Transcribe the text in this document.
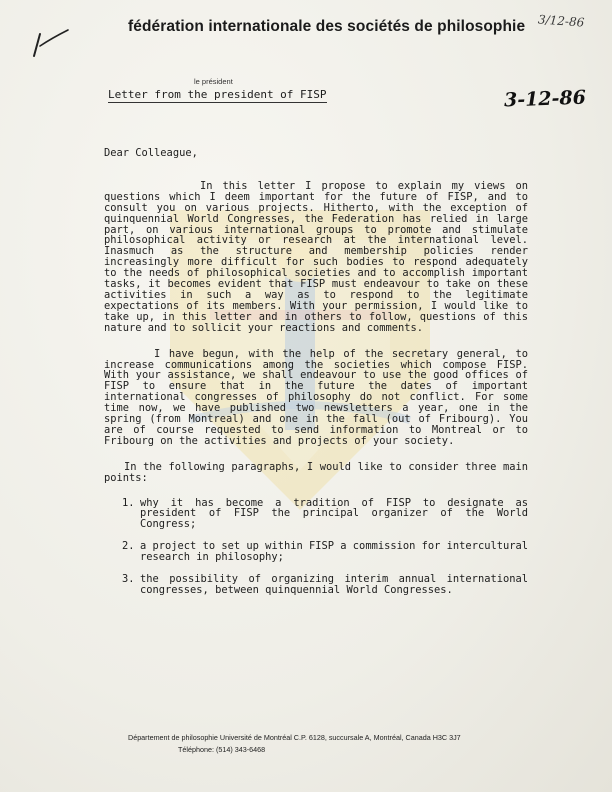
fédération internationale des sociétés de philosophie	3/12-86
le président
Letter from the president of FISP	3-12-86

Dear Colleague,

In this letter I propose to explain my views on questions which I deem important for the future of FISP, and to consult you on various projects. Hitherto, with the exception of quinquennial World Congresses, the Federation has relied in large part, on various international groups to promote and stimulate philosophical activity or research at the international level. Inasmuch as the structure and membership policies render increasingly more difficult for such bodies to respond adequately to the needs of philosophical societies and to accomplish important tasks, it becomes evident that FISP must endeavour to take on these activities in such a way as to respond to the legitimate expectations of its members. With your permission, I would like to take up, in this letter and in others to follow, questions of this nature and to sollicit your reactions and comments.

I have begun, with the help of the secretary general, to increase communications among the societies which compose FISP. With your assistance, we shall endeavour to use the good offices of FISP to ensure that in the future the dates of important international congresses of philosophy do not conflict. For some time now, we have published two newsletters a year, one in the spring (from Montreal) and one in the fall (out of Fribourg). You are of course requested to send information to Montreal or to Fribourg on the activities and projects of your society.

In the following paragraphs, I would like to consider three main points:

1. why it has become a tradition of FISP to designate as president of FISP the principal organizer of the World Congress;
2. a project to set up within FISP a commission for intercultural research in philosophy;
3. the possibility of organizing interim annual international congresses, between quinquennial World Congresses.
Département de philosophie Université de Montréal C.P. 6128, succursale A, Montréal, Canada H3C 3J7
Téléphone: (514) 343-6468
